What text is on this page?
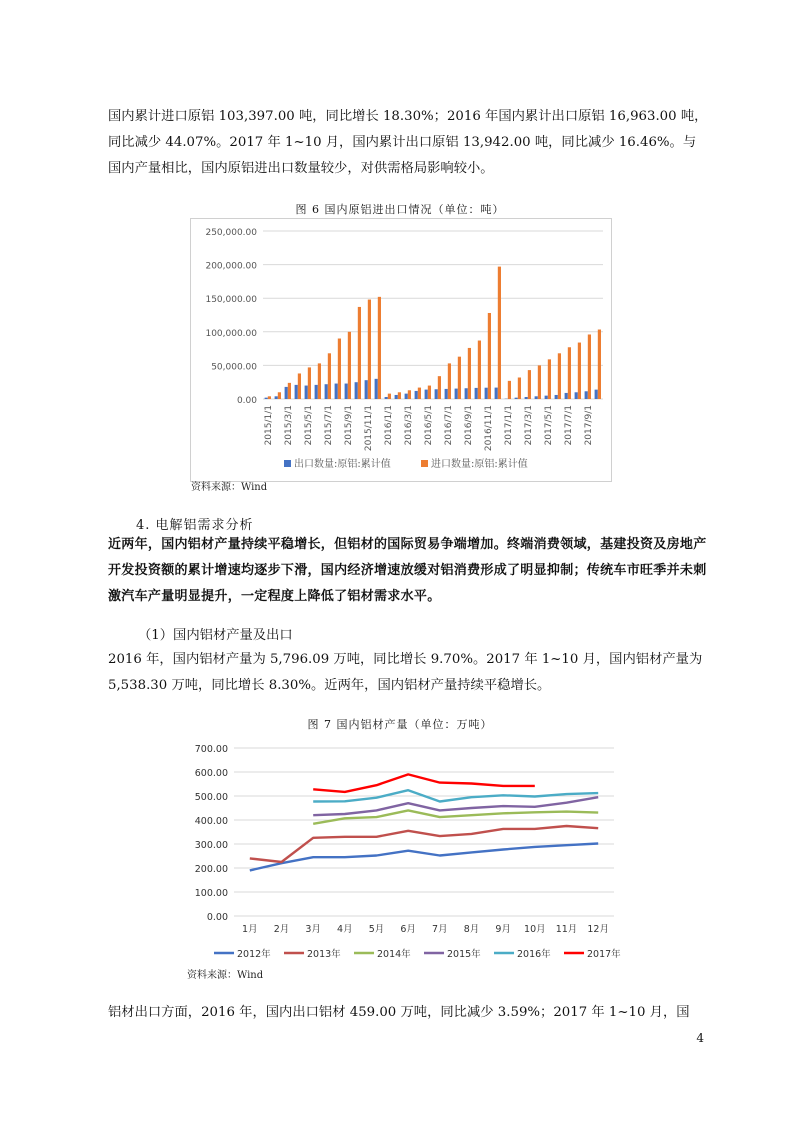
国内累计进口原铝 103,397.00 吨，同比增长 18.30%；2016 年国内累计出口原铝 16,963.00 吨，同比减少 44.07%。2017 年 1~10 月，国内累计出口原铝 13,942.00 吨，同比减少 16.46%。与国内产量相比，国内原铝进出口数量较少，对供需格局影响较小。

图 6 国内原铝进出口情况（单位：吨）
0.00
50,000.00
100,000.00
150,000.00
200,000.00
250,000.00
2015/1/1 2015/3/1 2015/5/1 2015/7/1 2015/9/1 2015/11/1 2016/1/1 2016/3/1 2016/5/1 2016/7/1 2016/9/1 2016/11/1 2017/1/1 2017/3/1 2017/5/1 2017/7/1 2017/9/1
出口数量:原铝:累计值	进口数量:原铝:累计值
资料来源：Wind
4. 电解铝需求分析

近两年，国内铝材产量持续平稳增长，但铝材的国际贸易争端增加。终端消费领域，基建投资及房地产开发投资额的累计增速均逐步下滑，国内经济增速放缓对铝消费形成了明显抑制；传统车市旺季并未刺激汽车产量明显提升，一定程度上降低了铝材需求水平。

（1）国内铝材产量及出口

2016 年，国内铝材产量为 5,796.09 万吨，同比增长 9.70%。2017 年 1~10 月，国内铝材产量为 5,538.30 万吨，同比增长 8.30%。近两年，国内铝材产量持续平稳增长。

图 7 国内铝材产量（单位：万吨）
0.00
100.00
200.00
300.00
400.00
500.00
600.00
700.00
1月 2月 3月 4月 5月 6月 7月 8月 9月 10月 11月 12月
2012年	2013年	2014年	2015年	2016年	2017年
资料来源：Wind

铝材出口方面，2016 年，国内出口铝材 459.00 万吨，同比减少 3.59%；2017 年 1~10 月，国

4
